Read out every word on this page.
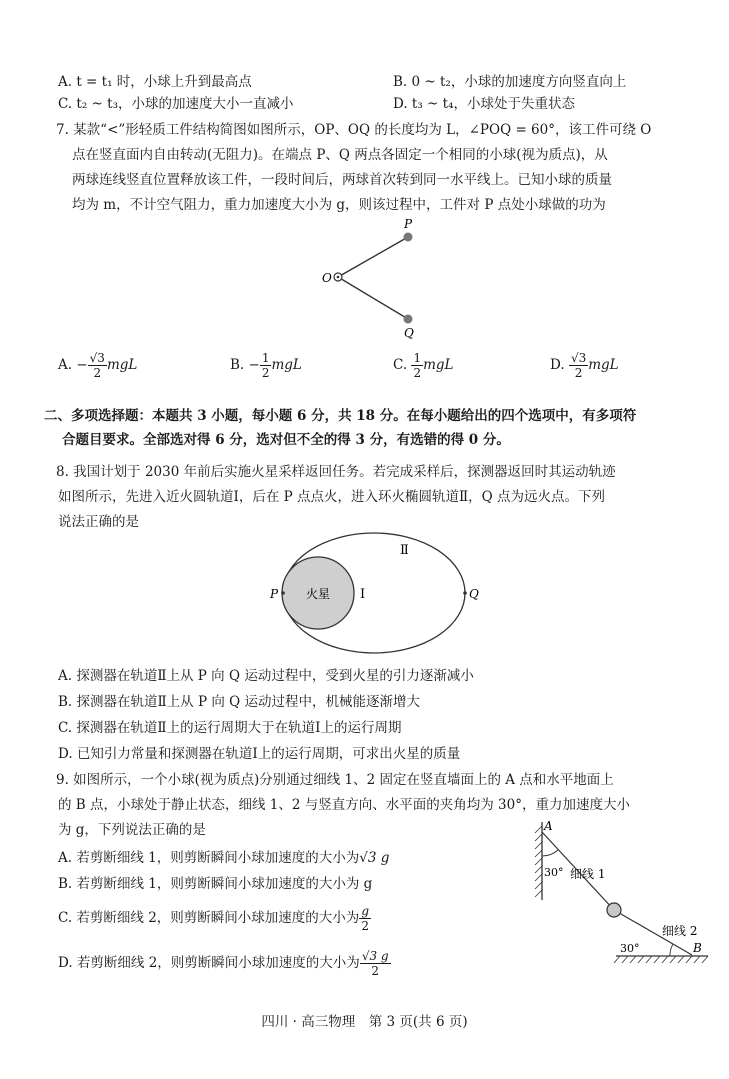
A. t = t₁ 时，小球上升到最高点	B. 0 ~ t₂，小球的加速度方向竖直向上
C. t₂ ~ t₃，小球的加速度大小一直减小	D. t₃ ~ t₄，小球处于失重状态
7. 某款“<”形轻质工件结构简图如图所示，OP、OQ 的长度均为 L，∠POQ = 60°，该工件可绕 O
点在竖直面内自由转动(无阻力)。在端点 P、Q 两点各固定一个相同的小球(视为质点)，从
两球连线竖直位置释放该工件，一段时间后，两球首次转到同一水平线上。已知小球的质量
均为 m，不计空气阻力，重力加速度大小为 g，则该过程中，工件对 P 点处小球做的功为
P
O
Q
A. − $\frac{√3}{2}$ mgL	B. − $\frac{1}{2}$ mgL	C. $\frac{1}{2}$ mgL	D. $\frac{√3}{2}$ mgL
二、多项选择题：本题共 3 小题，每小题 6 分，共 18 分。在每小题给出的四个选项中，有多项符
合题目要求。全部选对得 6 分，选对但不全的得 3 分，有选错的得 0 分。
8. 我国计划于 2030 年前后实施火星采样返回任务。若完成采样后，探测器返回时其运动轨迹
如图所示，先进入近火圆轨道Ⅰ，后在 P 点点火，进入环火椭圆轨道Ⅱ，Q 点为远火点。下列
说法正确的是
火星 Ⅰ
Ⅱ
P	Q
A. 探测器在轨道Ⅱ上从 P 向 Q 运动过程中，受到火星的引力逐渐减小
B. 探测器在轨道Ⅱ上从 P 向 Q 运动过程中，机械能逐渐增大
C. 探测器在轨道Ⅱ上的运行周期大于在轨道Ⅰ上的运行周期
D. 已知引力常量和探测器在轨道Ⅰ上的运行周期，可求出火星的质量
9. 如图所示，一个小球(视为质点)分别通过细线 1、2 固定在竖直墙面上的 A 点和水平地面上
的 B 点，小球处于静止状态，细线 1、2 与竖直方向、水平面的夹角均为 30°，重力加速度大小
为 g，下列说法正确的是
A. 若剪断细线 1，则剪断瞬间小球加速度的大小为√3 g
B. 若剪断细线 1，则剪断瞬间小球加速度的大小为 g
C. 若剪断细线 2，则剪断瞬间小球加速度的大小为 $\frac{g}{2}$
D. 若剪断细线 2，则剪断瞬间小球加速度的大小为 $\frac{√3 g}{2}$
A
30° 细线 1
细线 2
30°	B
四川 · 高三物理　第 3 页(共 6 页)
